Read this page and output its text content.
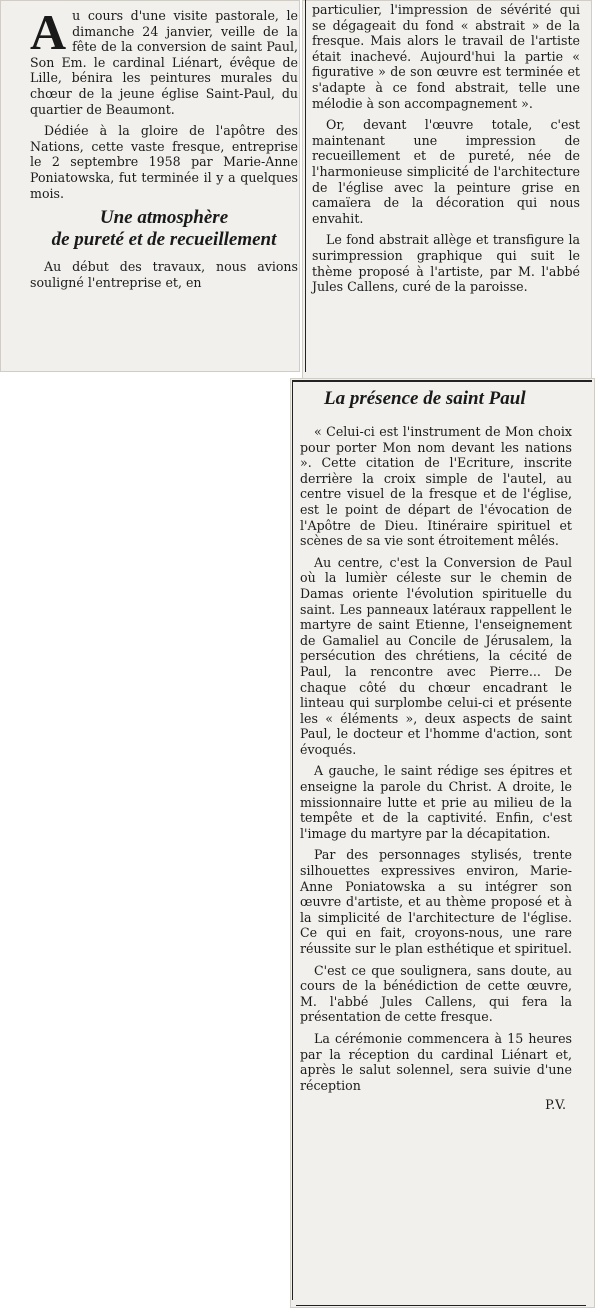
Au cours d'une visite pastorale, le dimanche 24 janvier, veille de la fête de la conversion de saint Paul, Son Em. le cardinal Liénart, évêque de Lille, bénira les peintures murales du chœur de la jeune église Saint-Paul, du quartier de Beaumont.

Dédiée à la gloire de l'apôtre des Nations, cette vaste fresque, entreprise le 2 septembre 1958 par Marie-Anne Poniatowska, fut terminée il y a quelques mois.

Une atmosphère
de pureté et de recueillement

Au début des travaux, nous avions souligné l'entreprise et, en

particulier, l'impression de sévérité qui se dégageait du fond « abstrait » de la fresque. Mais alors le travail de l'artiste était inachevé. Aujourd'hui la partie « figurative » de son œuvre est terminée et s'adapte à ce fond abstrait, telle une mélodie à son accompagnement ».

Or, devant l'œuvre totale, c'est maintenant une impression de recueillement et de pureté, née de l'harmonieuse simplicité de l'architecture de l'église avec la peinture grise en camaïera de la décoration qui nous envahit.

Le fond abstrait allège et transfigure la surimpression graphique qui suit le thème proposé à l'artiste, par M. l'abbé Jules Callens, curé de la paroisse.

La présence de saint Paul

« Celui-ci est l'instrument de Mon choix pour porter Mon nom devant les nations ». Cette citation de l'Ecriture, inscrite derrière la croix simple de l'autel, au centre visuel de la fresque et de l'église, est le point de départ de l'évocation de l'Apôtre de Dieu. Itinéraire spirituel et scènes de sa vie sont étroitement mêlés.

Au centre, c'est la Conversion de Paul où la lumièr céleste sur le chemin de Damas oriente l'évolution spirituelle du saint. Les panneaux latéraux rappellent le martyre de saint Etienne, l'enseignement de Gamaliel au Concile de Jérusalem, la persécution des chrétiens, la cécité de Paul, la rencontre avec Pierre... De chaque côté du chœur encadrant le linteau qui surplombe celui-ci et présente les « éléments », deux aspects de saint Paul, le docteur et l'homme d'action, sont évoqués.

A gauche, le saint rédige ses épitres et enseigne la parole du Christ. A droite, le missionnaire lutte et prie au milieu de la tempête et de la captivité. Enfin, c'est l'image du martyre par la décapitation.

Par des personnages stylisés, trente silhouettes expressives environ, Marie-Anne Poniatowska a su intégrer son œuvre d'artiste, et au thème proposé et à la simplicité de l'architecture de l'église. Ce qui en fait, croyons-nous, une rare réussite sur le plan esthétique et spirituel.

C'est ce que soulignera, sans doute, au cours de la bénédiction de cette œuvre, M. l'abbé Jules Callens, qui fera la présentation de cette fresque.

La cérémonie commencera à 15 heures par la réception du cardinal Liénart et, après le salut solennel, sera suivie d'une réception

P.V.
